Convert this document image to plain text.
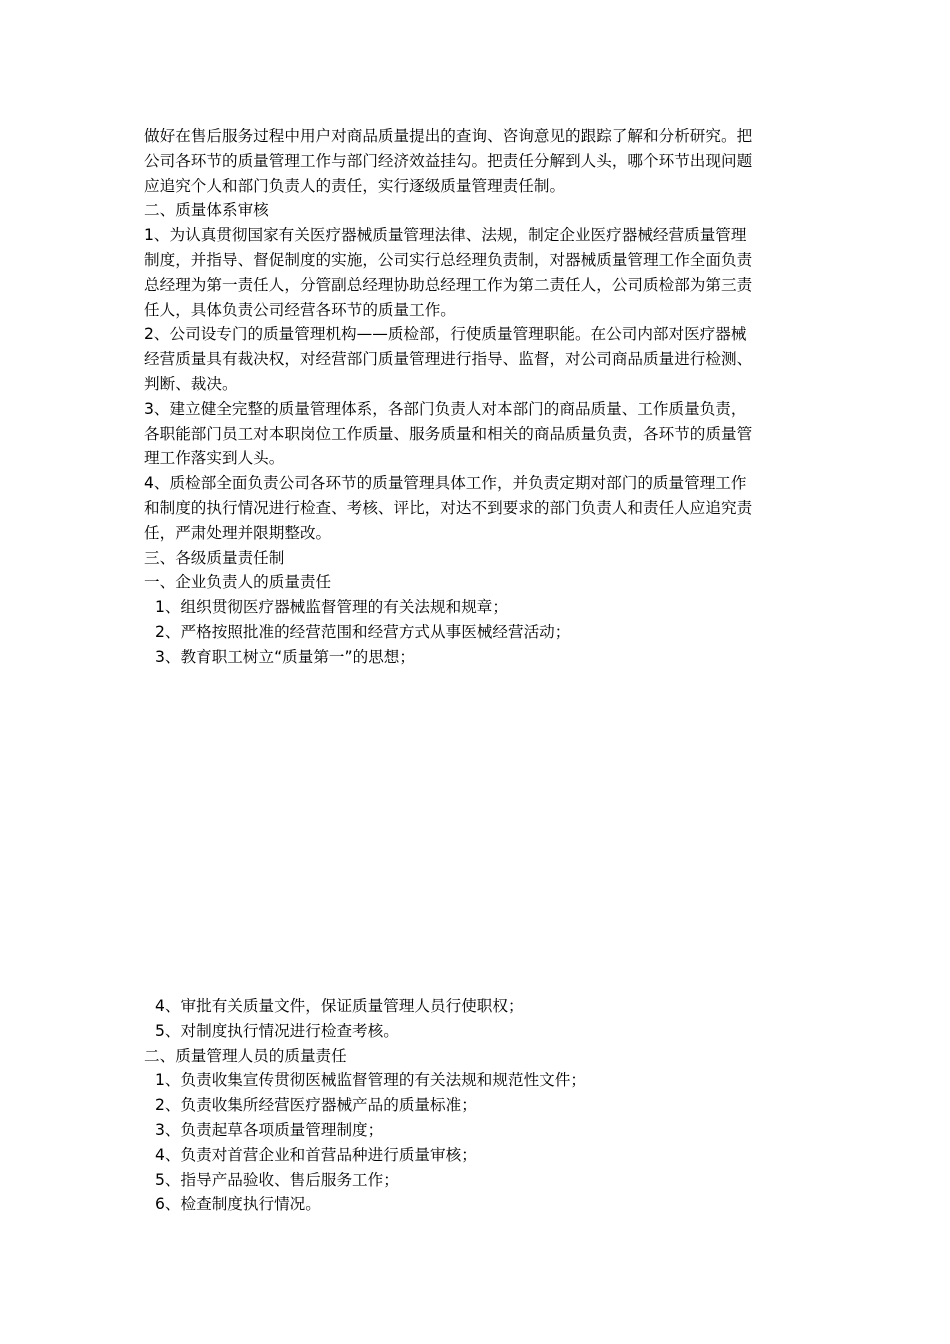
做好在售后服务过程中用户对商品质量提出的查询、咨询意见的跟踪了解和分析研究。把
公司各环节的质量管理工作与部门经济效益挂勾。把责任分解到人头，哪个环节出现问题
应追究个人和部门负责人的责任，实行逐级质量管理责任制。
二、质量体系审核
1、为认真贯彻国家有关医疗器械质量管理法律、法规，制定企业医疗器械经营质量管理
制度，并指导、督促制度的实施，公司实行总经理负责制，对器械质量管理工作全面负责
总经理为第一责任人，分管副总经理协助总经理工作为第二责任人，公司质检部为第三责
任人，具体负责公司经营各环节的质量工作。
2、公司设专门的质量管理机构——质检部，行使质量管理职能。在公司内部对医疗器械
经营质量具有裁决权，对经营部门质量管理进行指导、监督，对公司商品质量进行检测、
判断、裁决。
3、建立健全完整的质量管理体系，各部门负责人对本部门的商品质量、工作质量负责，
各职能部门员工对本职岗位工作质量、服务质量和相关的商品质量负责，各环节的质量管
理工作落实到人头。
4、质检部全面负责公司各环节的质量管理具体工作，并负责定期对部门的质量管理工作
和制度的执行情况进行检查、考核、评比，对达不到要求的部门负责人和责任人应追究责
任，严肃处理并限期整改。
三、各级质量责任制
一、企业负责人的质量责任
1、组织贯彻医疗器械监督管理的有关法规和规章；
2、严格按照批准的经营范围和经营方式从事医械经营活动；
3、教育职工树立“质量第一”的思想；
4、审批有关质量文件，保证质量管理人员行使职权；
5、对制度执行情况进行检查考核。
二、质量管理人员的质量责任
1、负责收集宣传贯彻医械监督管理的有关法规和规范性文件；
2、负责收集所经营医疗器械产品的质量标准；
3、负责起草各项质量管理制度；
4、负责对首营企业和首营品种进行质量审核；
5、指导产品验收、售后服务工作；
6、检查制度执行情况。
